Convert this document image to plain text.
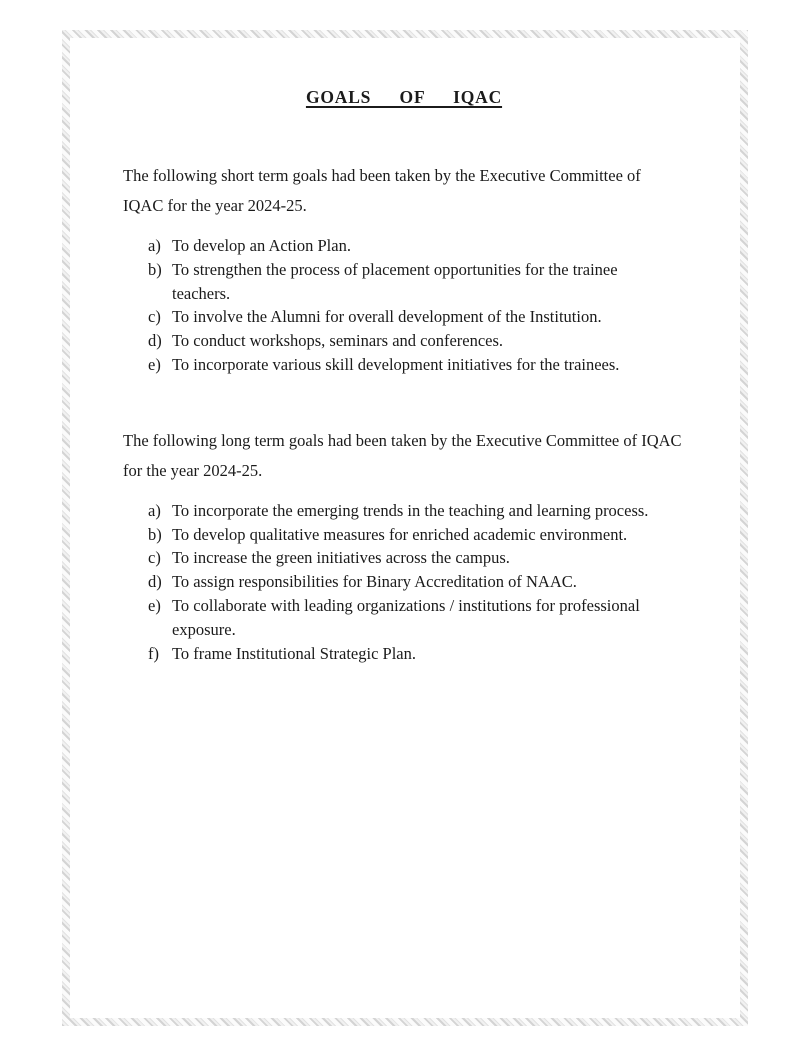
GOALS  OF  IQAC

The following short term goals had been taken by the Executive Committee of IQAC for the year 2024-25.

a) To develop an Action Plan.
b) To strengthen the process of placement opportunities for the trainee teachers.
c) To involve the Alumni for overall development of the Institution.
d) To conduct workshops, seminars and conferences.
e) To incorporate various skill development initiatives for the trainees.

The following long term goals had been taken by the Executive Committee of IQAC for the year 2024-25.

a) To incorporate the emerging trends in the teaching and learning process.
b) To develop qualitative measures for enriched academic environment.
c) To increase the green initiatives across the campus.
d) To assign responsibilities for Binary Accreditation of NAAC.
e) To collaborate with leading organizations / institutions for professional exposure.
f) To frame Institutional Strategic Plan.
